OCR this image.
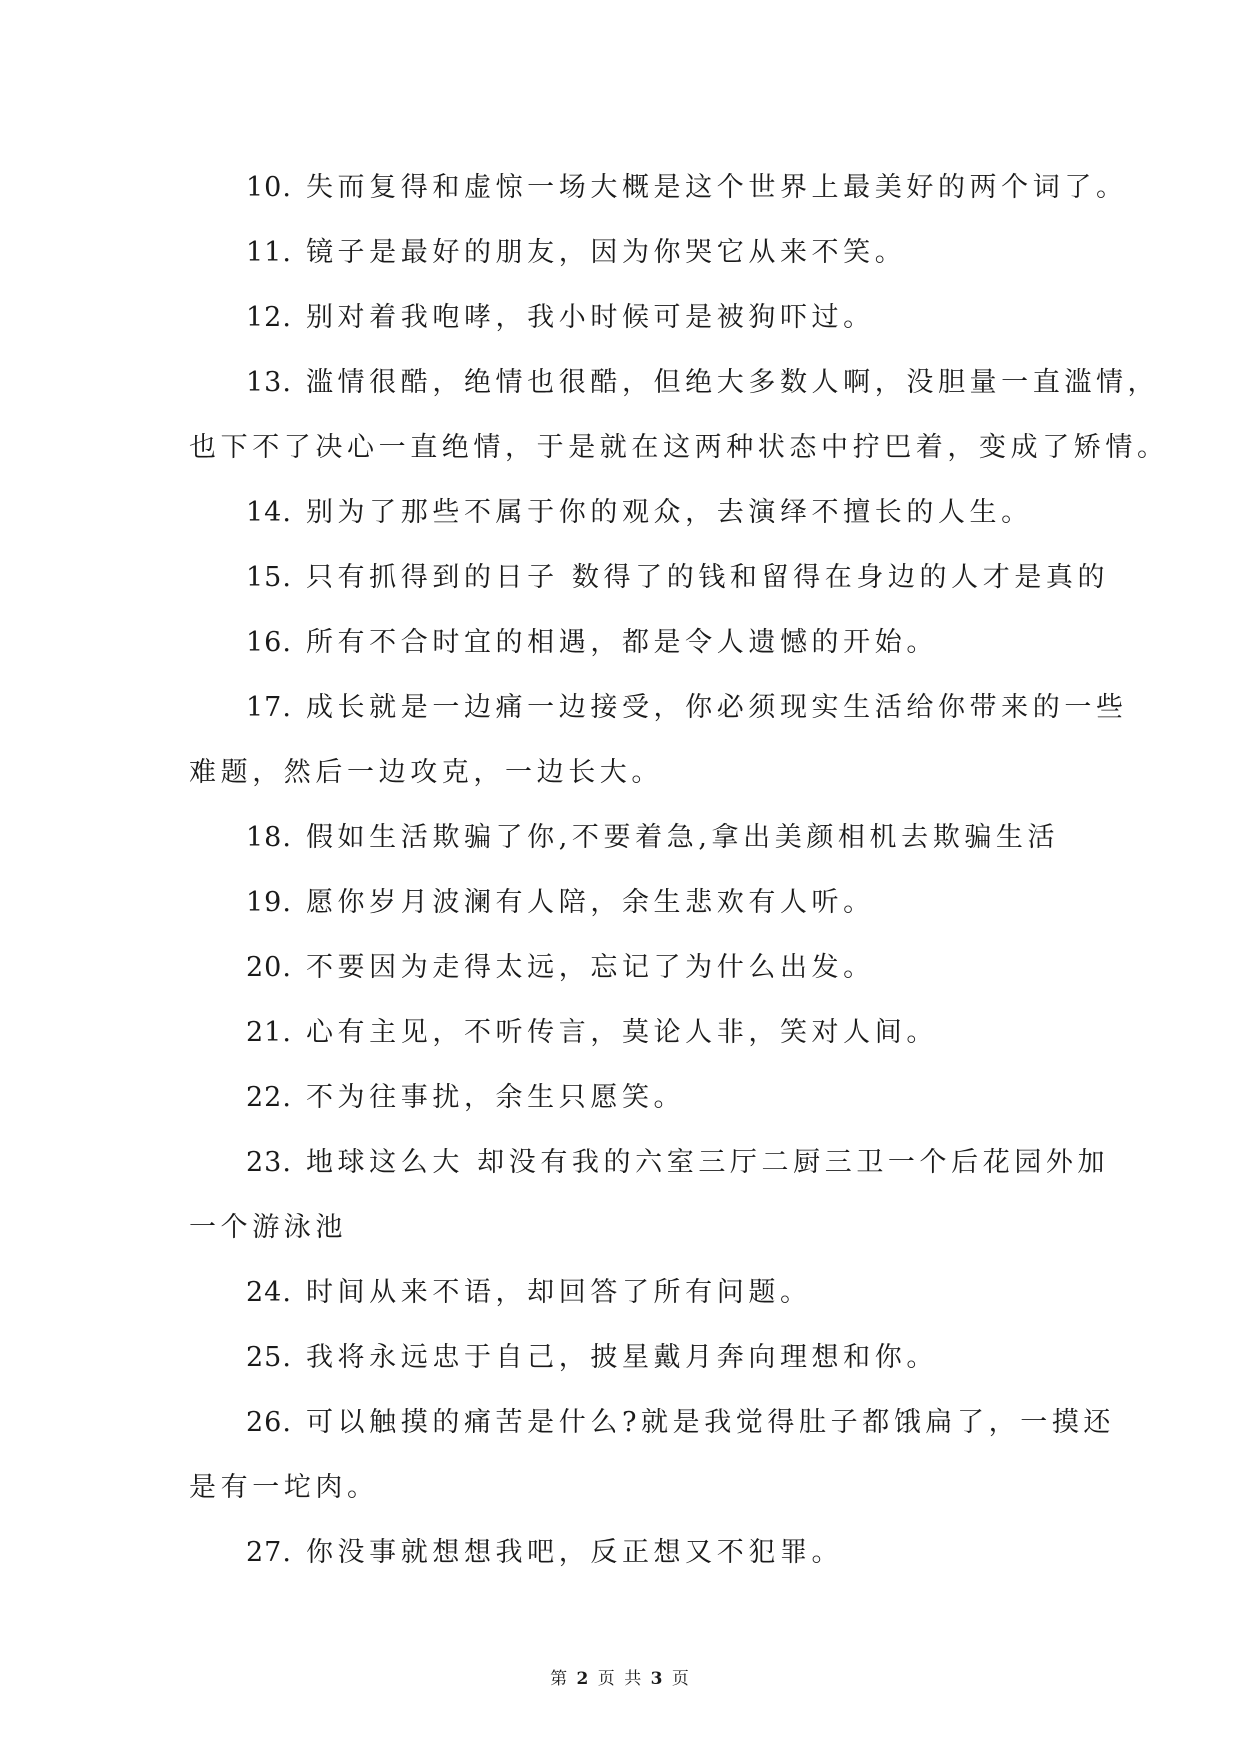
10. 失而复得和虚惊一场大概是这个世界上最美好的两个词了。

11. 镜子是最好的朋友，因为你哭它从来不笑。

12. 别对着我咆哮，我小时候可是被狗吓过。

13. 滥情很酷，绝情也很酷，但绝大多数人啊，没胆量一直滥情，

也下不了决心一直绝情，于是就在这两种状态中拧巴着，变成了矫情。

14. 别为了那些不属于你的观众，去演绎不擅长的人生。

15. 只有抓得到的日子 数得了的钱和留得在身边的人才是真的

16. 所有不合时宜的相遇，都是令人遗憾的开始。

17. 成长就是一边痛一边接受，你必须现实生活给你带来的一些

难题，然后一边攻克，一边长大。

18. 假如生活欺骗了你,不要着急,拿出美颜相机去欺骗生活

19. 愿你岁月波澜有人陪，余生悲欢有人听。

20. 不要因为走得太远，忘记了为什么出发。

21. 心有主见，不听传言，莫论人非，笑对人间。

22. 不为往事扰，余生只愿笑。

23. 地球这么大 却没有我的六室三厅二厨三卫一个后花园外加

一个游泳池

24. 时间从来不语，却回答了所有问题。

25. 我将永远忠于自己，披星戴月奔向理想和你。

26. 可以触摸的痛苦是什么?就是我觉得肚子都饿扁了，一摸还

是有一坨肉。

27. 你没事就想想我吧，反正想又不犯罪。

第 2 页 共 3 页
